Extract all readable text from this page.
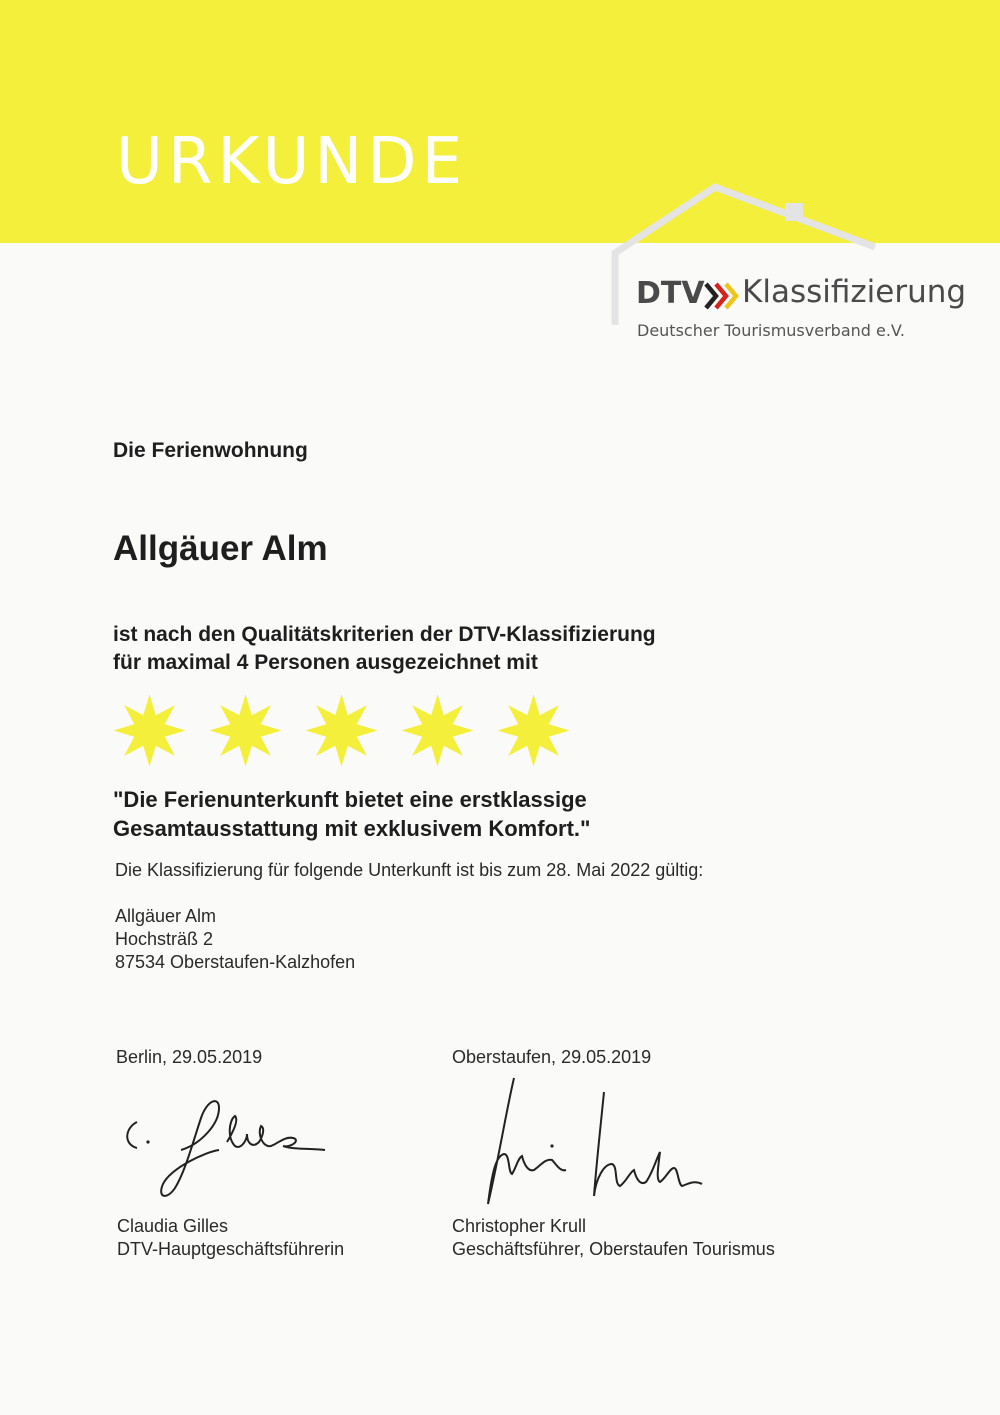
URKUNDE
DTV Klassifizierung
Deutscher Tourismusverband e.V.
Die Ferienwohnung
Allgäuer Alm
ist nach den Qualitätskriterien der DTV-Klassifizierung
für maximal 4 Personen ausgezeichnet mit
"Die Ferienunterkunft bietet eine erstklassige
Gesamtausstattung mit exklusivem Komfort."
Die Klassifizierung für folgende Unterkunft ist bis zum 28. Mai 2022 gültig:
Allgäuer Alm
Hochsträß 2
87534 Oberstaufen-Kalzhofen
Berlin, 29.05.2019	Oberstaufen, 29.05.2019
Claudia Gilles
DTV-Hauptgeschäftsführerin
Christopher Krull
Geschäftsführer, Oberstaufen Tourismus
